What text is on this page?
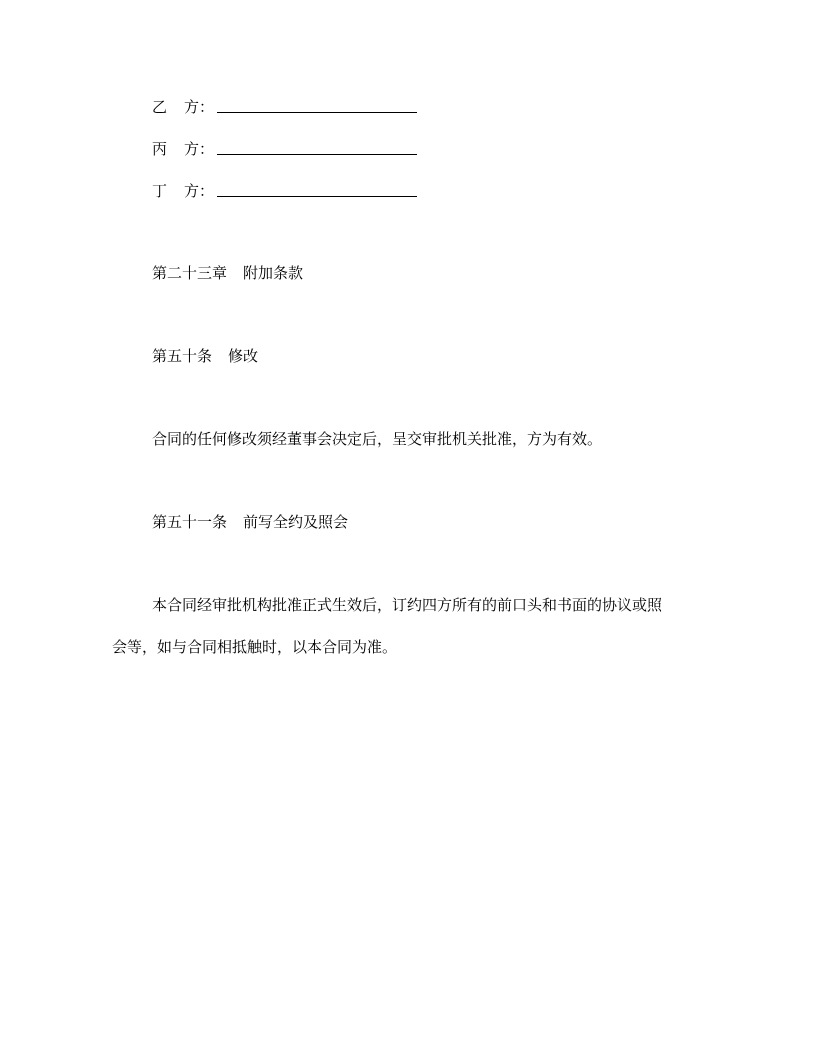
乙 方：
丙 方：
丁 方：
第二十三章 附加条款
第五十条 修改
合同的任何修改须经董事会决定后，呈交审批机关批准，方为有效。
第五十一条 前写全约及照会
本合同经审批机构批准正式生效后，订约四方所有的前口头和书面的协议或照
会等，如与合同相抵触时，以本合同为准。
